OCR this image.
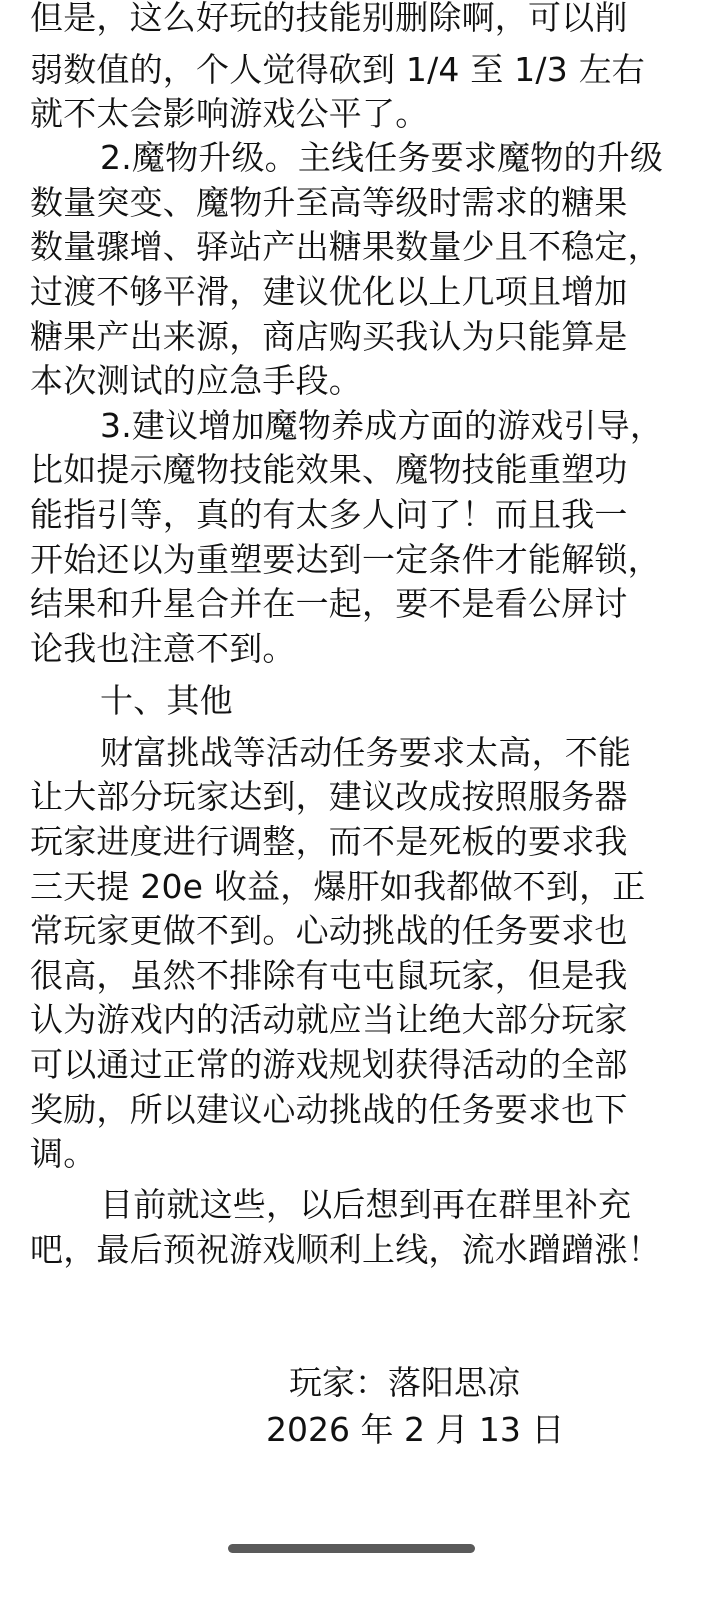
但是，这么好玩的技能别删除啊，可以削
弱数值的，个人觉得砍到 1/4 至 1/3 左右
就不太会影响游戏公平了。
2.魔物升级。主线任务要求魔物的升级
数量突变、魔物升至高等级时需求的糖果
数量骤增、驿站产出糖果数量少且不稳定，
过渡不够平滑，建议优化以上几项且增加
糖果产出来源，商店购买我认为只能算是
本次测试的应急手段。
3.建议增加魔物养成方面的游戏引导，
比如提示魔物技能效果、魔物技能重塑功
能指引等，真的有太多人问了！而且我一
开始还以为重塑要达到一定条件才能解锁，
结果和升星合并在一起，要不是看公屏讨
论我也注意不到。
十、其他
财富挑战等活动任务要求太高，不能
让大部分玩家达到，建议改成按照服务器
玩家进度进行调整，而不是死板的要求我
三天提 20e 收益，爆肝如我都做不到，正
常玩家更做不到。心动挑战的任务要求也
很高，虽然不排除有屯屯鼠玩家，但是我
认为游戏内的活动就应当让绝大部分玩家
可以通过正常的游戏规划获得活动的全部
奖励，所以建议心动挑战的任务要求也下
调。
目前就这些，以后想到再在群里补充
吧，最后预祝游戏顺利上线，流水蹭蹭涨！
玩家：落阳思凉
2026 年 2 月 13 日
